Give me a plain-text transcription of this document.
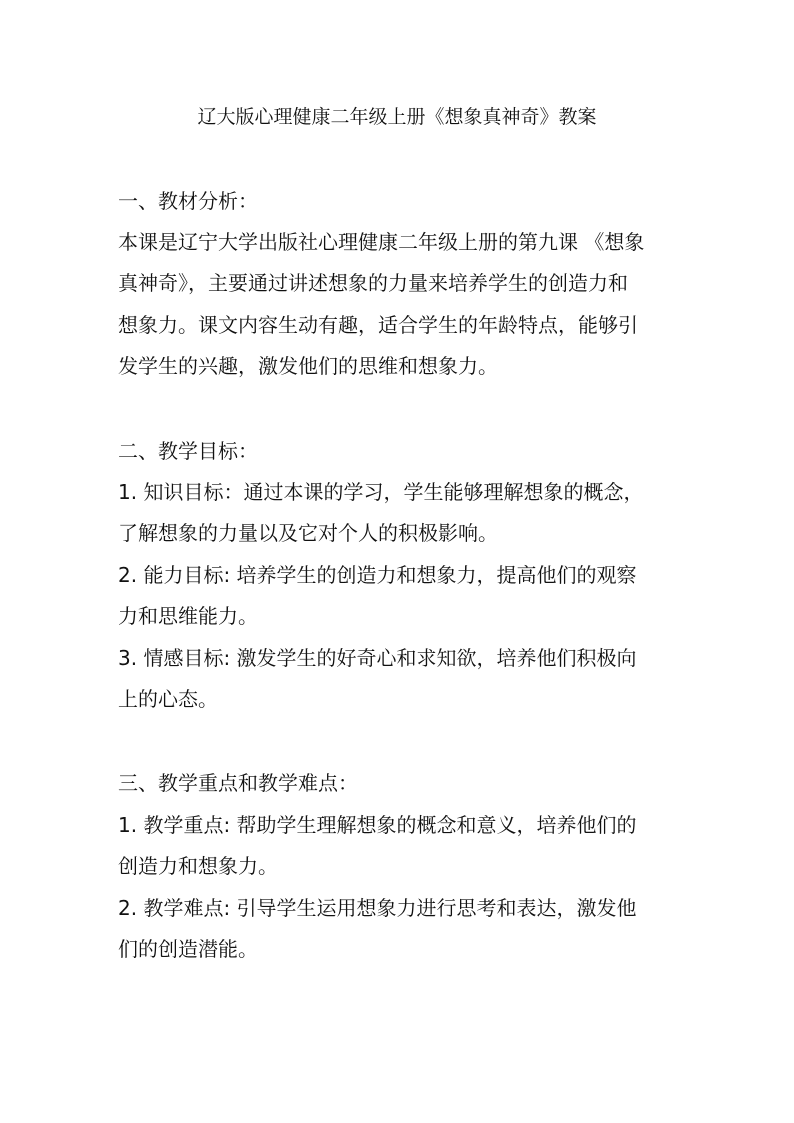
辽大版心理健康二年级上册《想象真神奇》教案
一、教材分析：
本课是辽宁大学出版社心理健康二年级上册的第九课 《想象
真神奇》，主要通过讲述想象的力量来培养学生的创造力和
想象力。课文内容生动有趣，适合学生的年龄特点，能够引
发学生的兴趣，激发他们的思维和想象力。
二、教学目标：
1. 知识目标：通过本课的学习，学生能够理解想象的概念，
了解想象的力量以及它对个人的积极影响。
2. 能力目标: 培养学生的创造力和想象力，提高他们的观察
力和思维能力。
3. 情感目标: 激发学生的好奇心和求知欲，培养他们积极向
上的心态。
三、教学重点和教学难点：
1. 教学重点: 帮助学生理解想象的概念和意义，培养他们的
创造力和想象力。
2. 教学难点: 引导学生运用想象力进行思考和表达，激发他
们的创造潜能。
